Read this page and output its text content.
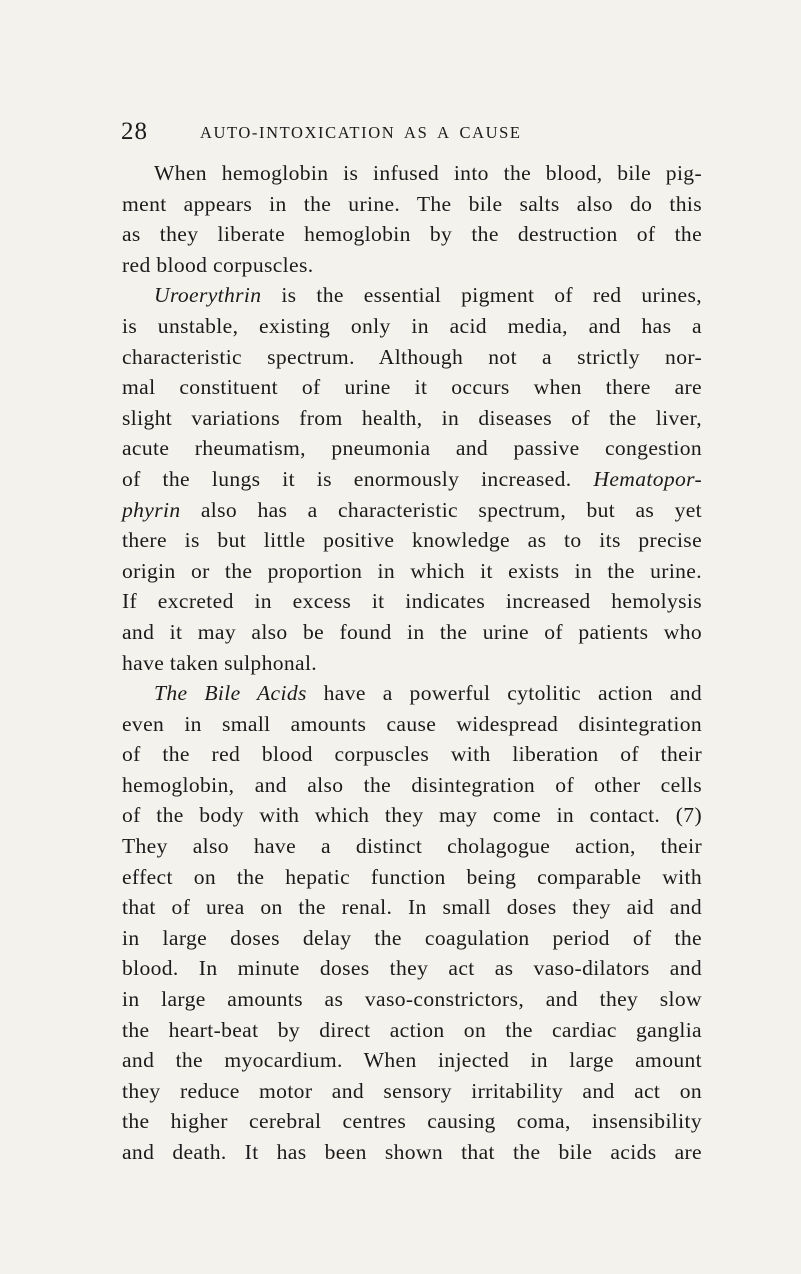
28	AUTO-INTOXICATION AS A CAUSE
When hemoglobin is infused into the blood, bile pig-
ment appears in the urine. The bile salts also do this
as they liberate hemoglobin by the destruction of the
red blood corpuscles.
Uroerythrin is the essential pigment of red urines,
is unstable, existing only in acid media, and has a
characteristic spectrum. Although not a strictly nor-
mal constituent of urine it occurs when there are
slight variations from health, in diseases of the liver,
acute rheumatism, pneumonia and passive congestion
of the lungs it is enormously increased. Hematopor-
phyrin also has a characteristic spectrum, but as yet
there is but little positive knowledge as to its precise
origin or the proportion in which it exists in the urine.
If excreted in excess it indicates increased hemolysis
and it may also be found in the urine of patients who
have taken sulphonal.
The Bile Acids have a powerful cytolitic action and
even in small amounts cause widespread disintegration
of the red blood corpuscles with liberation of their
hemoglobin, and also the disintegration of other cells
of the body with which they may come in contact. (7)
They also have a distinct cholagogue action, their
effect on the hepatic function being comparable with
that of urea on the renal. In small doses they aid and
in large doses delay the coagulation period of the
blood. In minute doses they act as vaso-dilators and
in large amounts as vaso-constrictors, and they slow
the heart-beat by direct action on the cardiac ganglia
and the myocardium. When injected in large amount
they reduce motor and sensory irritability and act on
the higher cerebral centres causing coma, insensibility
and death. It has been shown that the bile acids are
